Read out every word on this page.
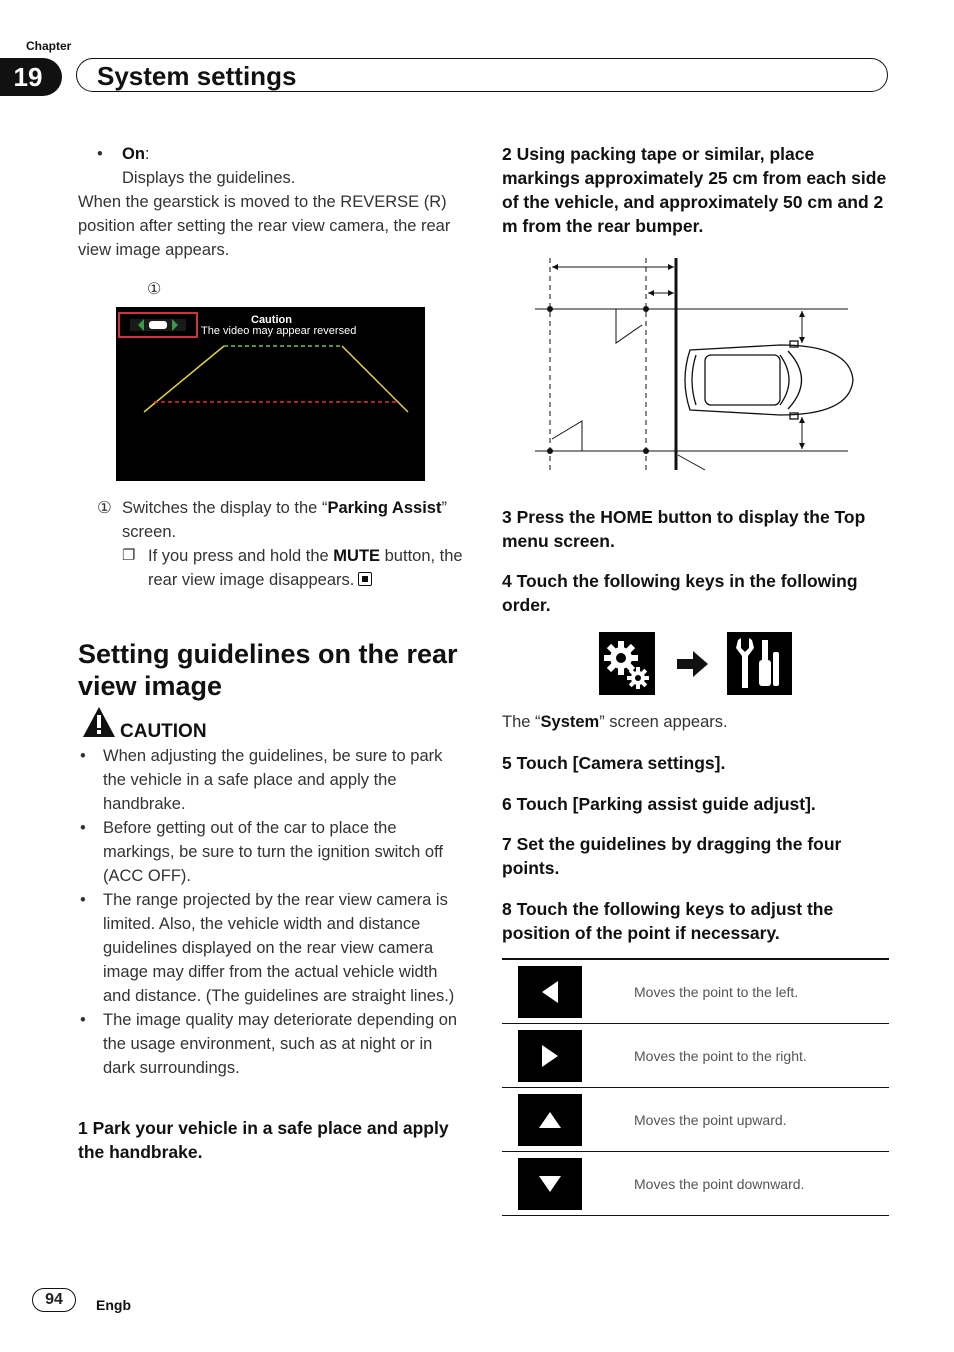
Chapter
19	System settings
• On:
Displays the guidelines.
When the gearstick is moved to the REVERSE (R) position after setting the rear view camera, the rear view image appears.
①
Caution
The video may appear reversed
① Switches the display to the “Parking Assist” screen.
❐ If you press and hold the MUTE button, the rear view image disappears.
Setting guidelines on the rear view image
CAUTION
• When adjusting the guidelines, be sure to park the vehicle in a safe place and apply the handbrake.
• Before getting out of the car to place the markings, be sure to turn the ignition switch off (ACC OFF).
• The range projected by the rear view camera is limited. Also, the vehicle width and distance guidelines displayed on the rear view camera image may differ from the actual vehicle width and distance. (The guidelines are straight lines.)
• The image quality may deteriorate depending on the usage environment, such as at night or in dark surroundings.
1 Park your vehicle in a safe place and apply the handbrake.
2 Using packing tape or similar, place markings approximately 25 cm from each side of the vehicle, and approximately 50 cm and 2 m from the rear bumper.
3 Press the HOME button to display the Top menu screen.
4 Touch the following keys in the following order.
The “System” screen appears.
5 Touch [Camera settings].
6 Touch [Parking assist guide adjust].
7 Set the guidelines by dragging the four points.
8 Touch the following keys to adjust the position of the point if necessary.
	Moves the point to the left.

	Moves the point to the right.

	Moves the point upward.

	Moves the point downward.
94	Engb
